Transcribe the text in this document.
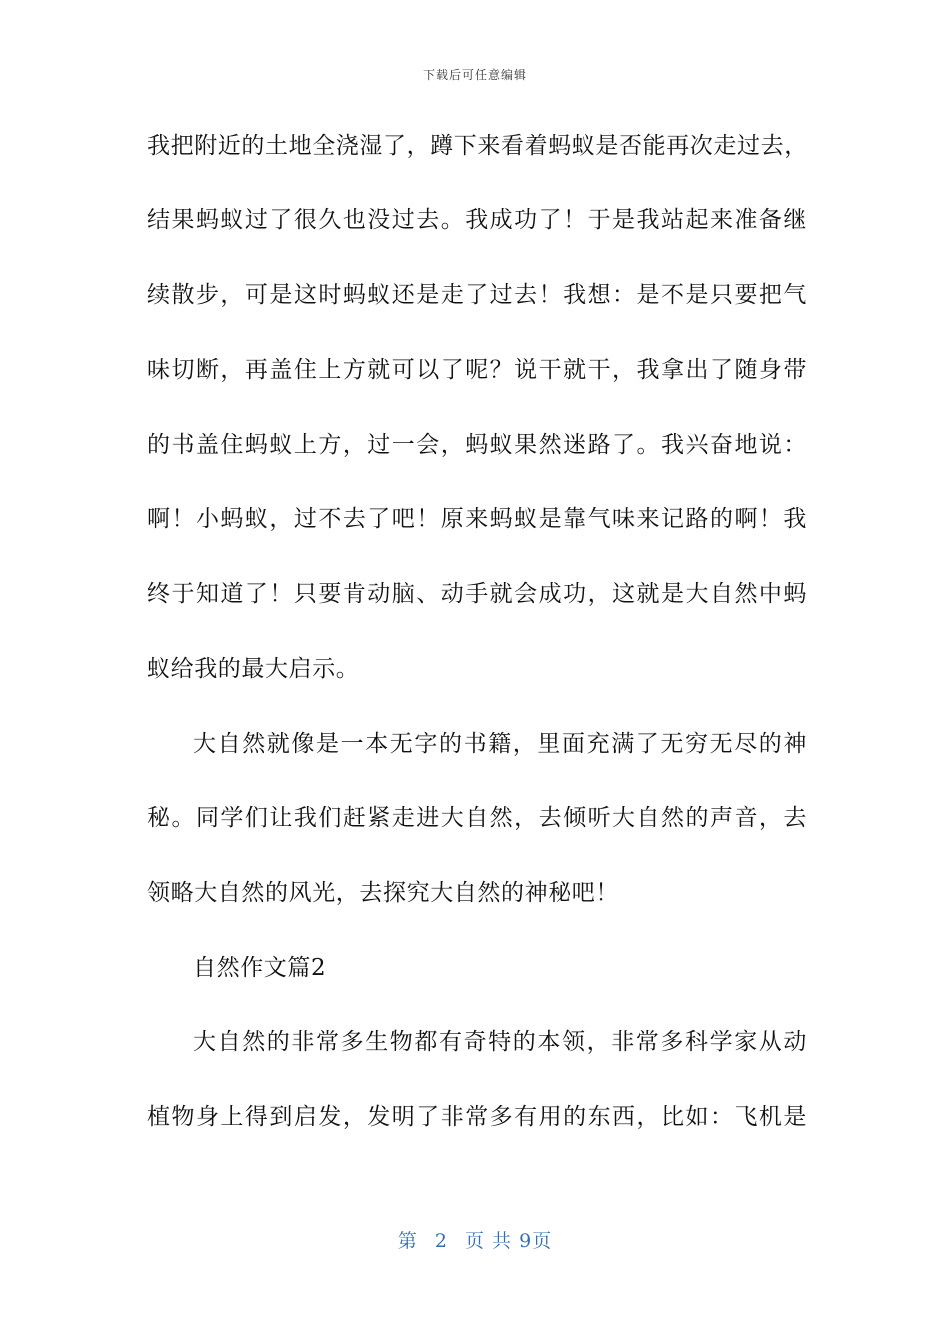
下载后可任意编辑
我把附近的土地全浇湿了，蹲下来看着蚂蚁是否能再次走过去，
结果蚂蚁过了很久也没过去。我成功了！于是我站起来准备继
续散步，可是这时蚂蚁还是走了过去！我想：是不是只要把气
味切断，再盖住上方就可以了呢？说干就干，我拿出了随身带
的书盖住蚂蚁上方，过一会，蚂蚁果然迷路了。我兴奋地说：
啊！小蚂蚁，过不去了吧！原来蚂蚁是靠气味来记路的啊！我
终于知道了！只要肯动脑、动手就会成功，这就是大自然中蚂
蚁给我的最大启示。
大自然就像是一本无字的书籍，里面充满了无穷无尽的神
秘。同学们让我们赶紧走进大自然，去倾听大自然的声音，去
领略大自然的风光，去探究大自然的神秘吧！
自然作文篇2
大自然的非常多生物都有奇特的本领，非常多科学家从动
植物身上得到启发，发明了非常多有用的东西，比如：飞机是
第 2 页 共 9页
